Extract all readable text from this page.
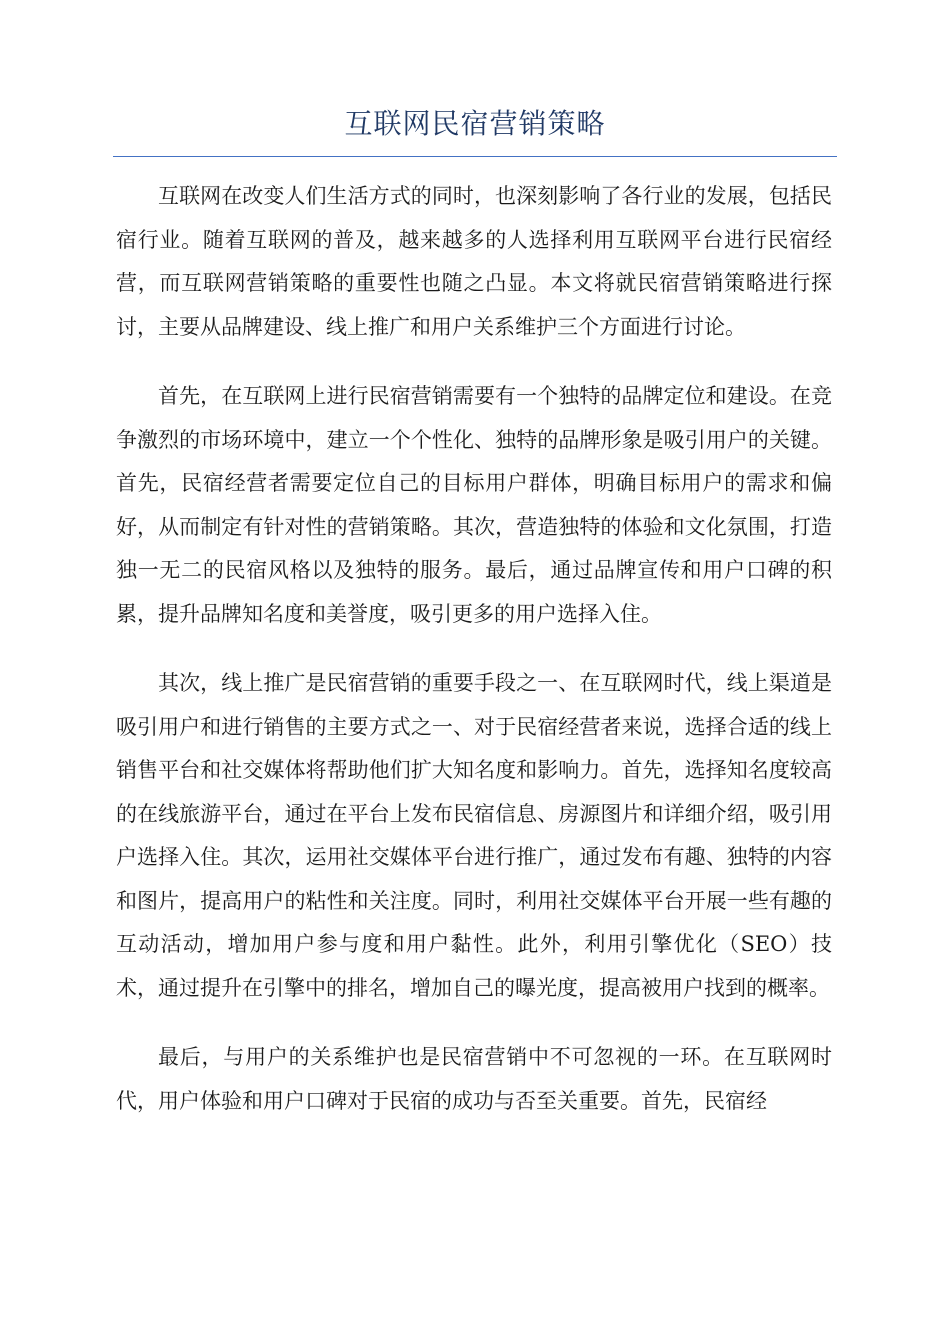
互联网民宿营销策略

互联网在改变人们生活方式的同时，也深刻影响了各行业的发展，包括民宿行业。随着互联网的普及，越来越多的人选择利用互联网平台进行民宿经营，而互联网营销策略的重要性也随之凸显。本文将就民宿营销策略进行探讨，主要从品牌建设、线上推广和用户关系维护三个方面进行讨论。

首先，在互联网上进行民宿营销需要有一个独特的品牌定位和建设。在竞争激烈的市场环境中，建立一个个性化、独特的品牌形象是吸引用户的关键。首先，民宿经营者需要定位自己的目标用户群体，明确目标用户的需求和偏好，从而制定有针对性的营销策略。其次，营造独特的体验和文化氛围，打造独一无二的民宿风格以及独特的服务。最后，通过品牌宣传和用户口碑的积累，提升品牌知名度和美誉度，吸引更多的用户选择入住。

其次，线上推广是民宿营销的重要手段之一、在互联网时代，线上渠道是吸引用户和进行销售的主要方式之一、对于民宿经营者来说，选择合适的线上销售平台和社交媒体将帮助他们扩大知名度和影响力。首先，选择知名度较高的在线旅游平台，通过在平台上发布民宿信息、房源图片和详细介绍，吸引用户选择入住。其次，运用社交媒体平台进行推广，通过发布有趣、独特的内容和图片，提高用户的粘性和关注度。同时，利用社交媒体平台开展一些有趣的互动活动，增加用户参与度和用户黏性。此外，利用引擎优化（SEO）技术，通过提升在引擎中的排名，增加自己的曝光度，提高被用户找到的概率。

最后，与用户的关系维护也是民宿营销中不可忽视的一环。在互联网时代，用户体验和用户口碑对于民宿的成功与否至关重要。首先，民宿经
